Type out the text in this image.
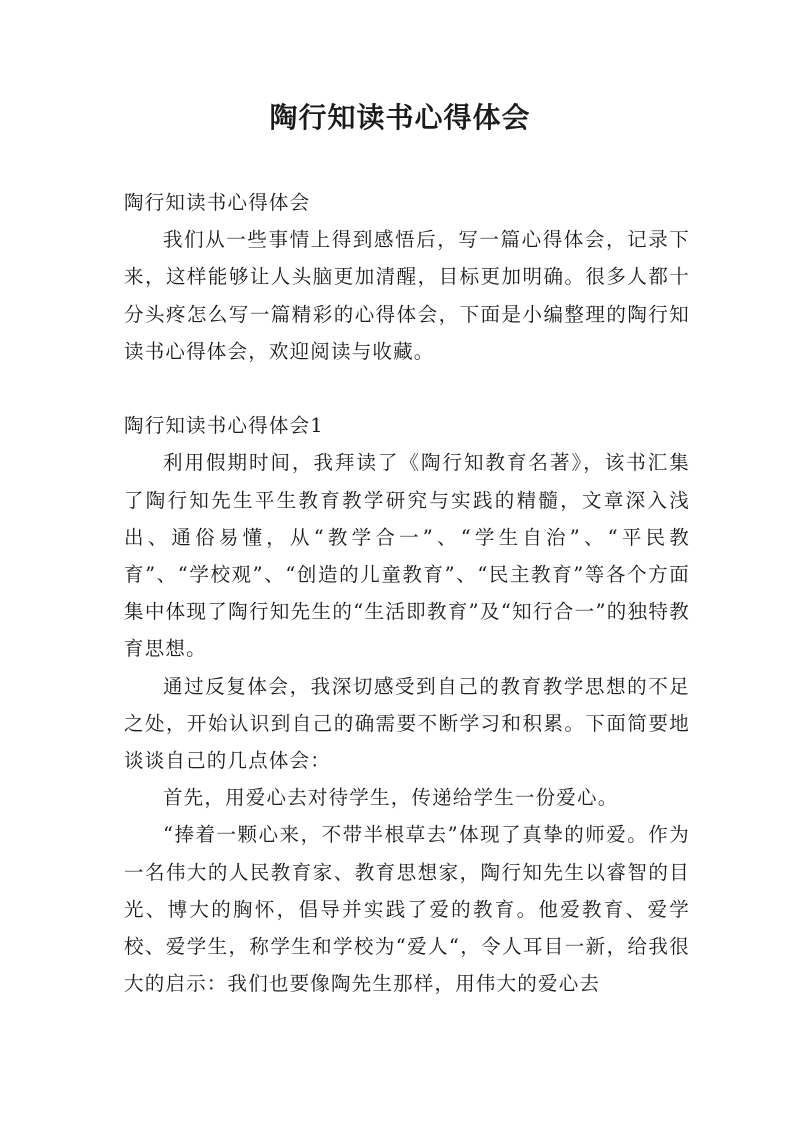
陶行知读书心得体会

陶行知读书心得体会

我们从一些事情上得到感悟后，写一篇心得体会，记录下来，这样能够让人头脑更加清醒，目标更加明确。很多人都十分头疼怎么写一篇精彩的心得体会，下面是小编整理的陶行知读书心得体会，欢迎阅读与收藏。

陶行知读书心得体会1

利用假期时间，我拜读了《陶行知教育名著》，该书汇集了陶行知先生平生教育教学研究与实践的精髓，文章深入浅出、通俗易懂，从“教学合一”、“学生自治”、“平民教育”、“学校观”、“创造的儿童教育”、“民主教育”等各个方面集中体现了陶行知先生的“生活即教育”及“知行合一”的独特教育思想。

通过反复体会，我深切感受到自己的教育教学思想的不足之处，开始认识到自己的确需要不断学习和积累。下面简要地谈谈自己的几点体会：

首先，用爱心去对待学生，传递给学生一份爱心。

“捧着一颗心来，不带半根草去”体现了真挚的师爱。作为一名伟大的人民教育家、教育思想家，陶行知先生以睿智的目光、博大的胸怀，倡导并实践了爱的教育。他爱教育、爱学校、爱学生，称学生和学校为“爱人“，令人耳目一新，给我很大的启示：我们也要像陶先生那样，用伟大的爱心去
